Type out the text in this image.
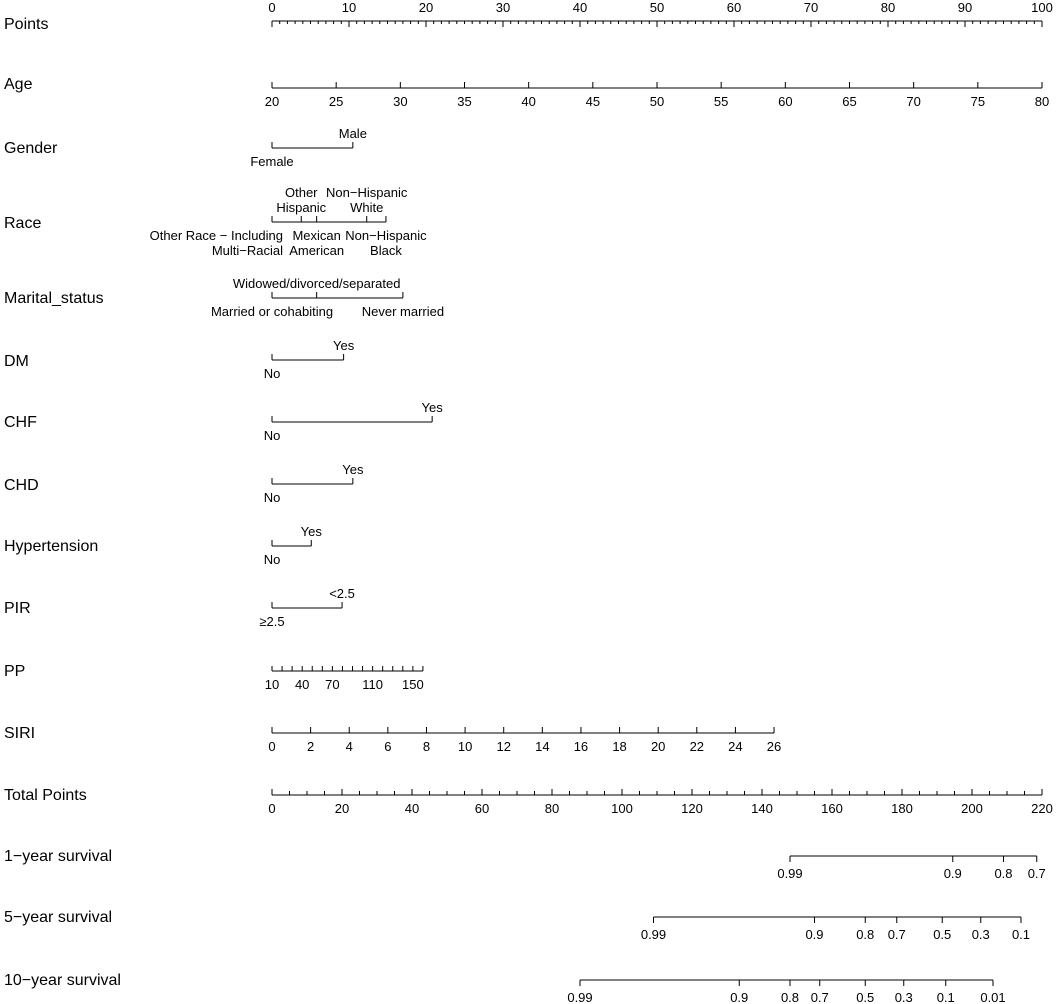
Points
0	10	20	30	40	50	60	70	80	90	100
Age
20	25	30	35	40	45	50	55	60	65	70	75	80
Gender
Female
Male
Race
Other Race − Including Multi−Racial
Other Hispanic
Mexican American
Non−Hispanic White
Non−Hispanic Black
Marital_status
Married or cohabiting
Widowed/divorced/separated
Never married
DM
No
Yes
CHF
No
Yes
CHD
No
Yes
Hypertension
No
Yes
PIR
≥2.5
<2.5
PP
10 40 70 110 150
SIRI
0 2 4 6 8 10 12 14 16 18 20 22 24 26
Total Points
0	20	40	60	80	100	120	140	160	180	200	220
1−year survival
0.99	0.9	0.8 0.7
5−year survival
0.99	0.9	0.8 0.7 0.5 0.3 0.1
10−year survival
0.99	0.9	0.8 0.7 0.5 0.3 0.1 0.01
